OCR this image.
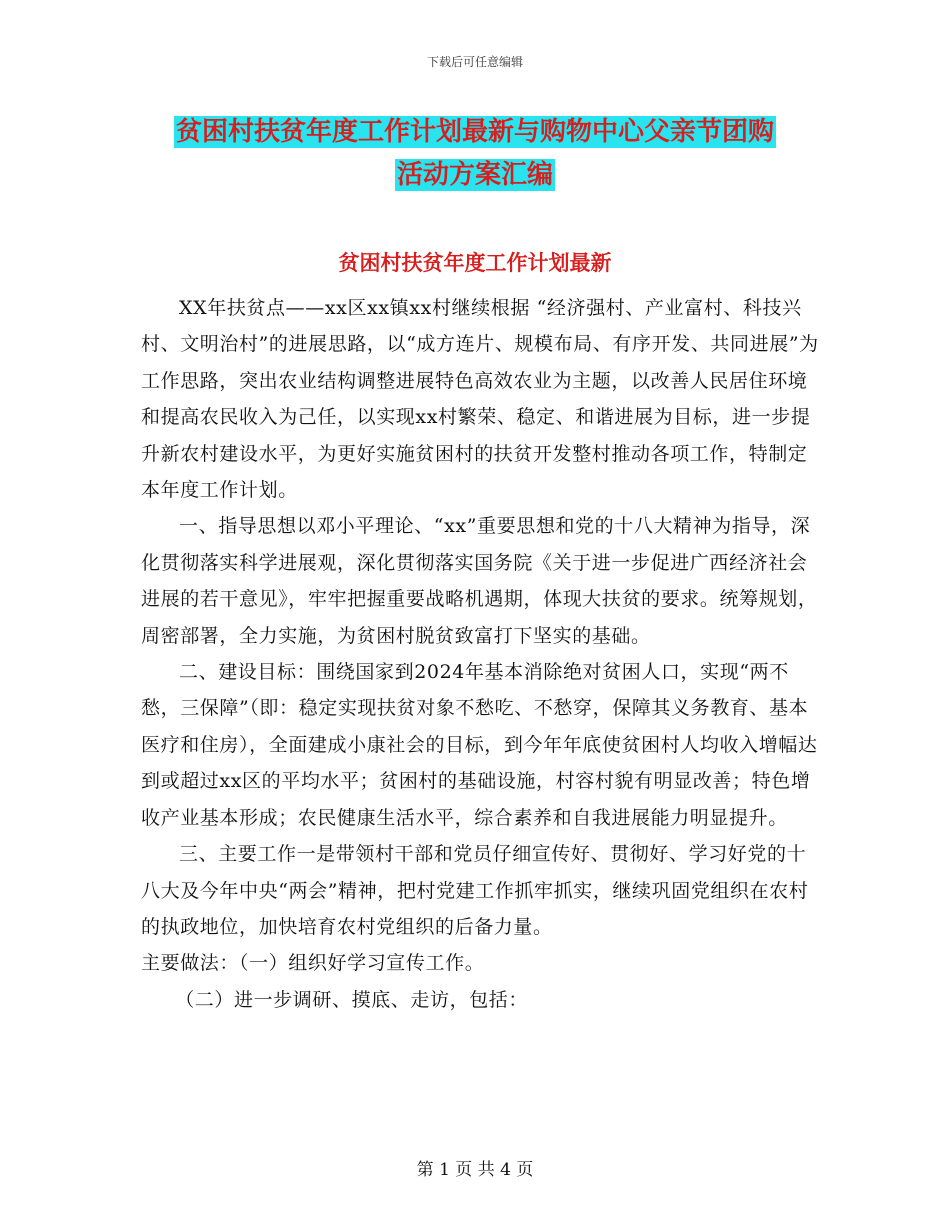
下载后可任意编辑
贫困村扶贫年度工作计划最新与购物中心父亲节团购
活动方案汇编
贫困村扶贫年度工作计划最新

XX年扶贫点——xx区xx镇xx村继续根据 “经济强村、产业富村、科技兴村、文明治村”的进展思路，以“成方连片、规模布局、有序开发、共同进展”为工作思路，突出农业结构调整进展特色高效农业为主题，以改善人民居住环境和提高农民收入为己任，以实现xx村繁荣、稳定、和谐进展为目标，进一步提升新农村建设水平，为更好实施贫困村的扶贫开发整村推动各项工作，特制定本年度工作计划。

一、指导思想以邓小平理论、“xx”重要思想和党的十八大精神为指导，深化贯彻落实科学进展观，深化贯彻落实国务院《关于进一步促进广西经济社会进展的若干意见》，牢牢把握重要战略机遇期，体现大扶贫的要求。统筹规划，周密部署，全力实施，为贫困村脱贫致富打下坚实的基础。

二、建设目标：围绕国家到2024年基本消除绝对贫困人口，实现“两不愁，三保障”（即：稳定实现扶贫对象不愁吃、不愁穿，保障其义务教育、基本医疗和住房），全面建成小康社会的目标，到今年年底使贫困村人均收入增幅达到或超过xx区的平均水平；贫困村的基础设施，村容村貌有明显改善；特色增收产业基本形成；农民健康生活水平，综合素养和自我进展能力明显提升。

三、主要工作一是带领村干部和党员仔细宣传好、贯彻好、学习好党的十八大及今年中央“两会”精神，把村党建工作抓牢抓实，继续巩固党组织在农村的执政地位，加快培育农村党组织的后备力量。

主要做法：（一）组织好学习宣传工作。

（二）进一步调研、摸底、走访，包括：

第 1 页 共 4 页
